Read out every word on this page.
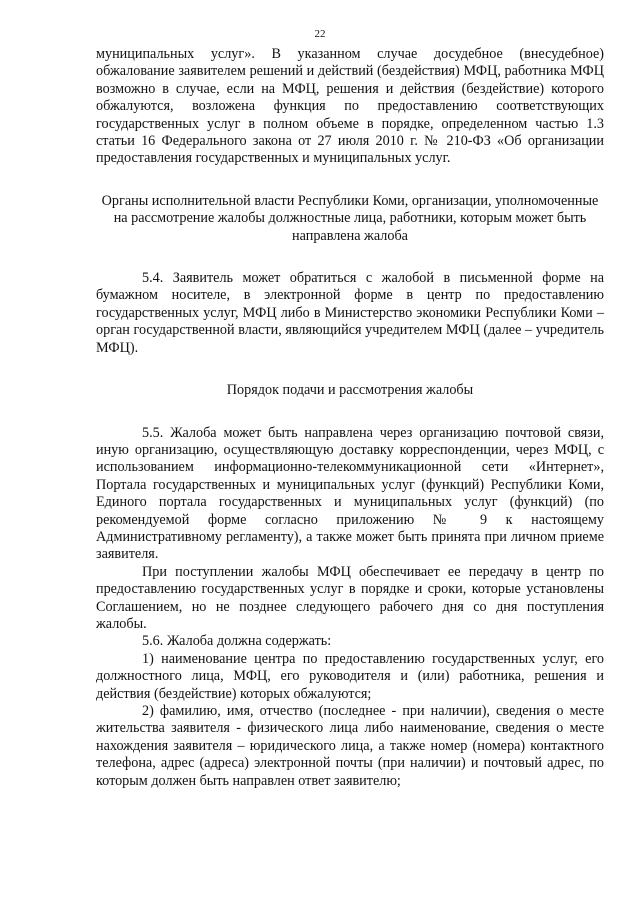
22

муниципальных услуг». В указанном случае досудебное (внесудебное) обжалование заявителем решений и действий (бездействия) МФЦ, работника МФЦ возможно в случае, если на МФЦ, решения и действия (бездействие) которого обжалуются, возложена функция по предоставлению соответствующих государственных услуг в полном объеме в порядке, определенном частью 1.3 статьи 16 Федерального закона от 27 июля 2010 г. № 210-ФЗ «Об организации предоставления государственных и муниципальных услуг.

Органы исполнительной власти Республики Коми, организации, уполномоченные на рассмотрение жалобы должностные лица, работники, которым может быть направлена жалоба

5.4. Заявитель может обратиться с жалобой в письменной форме на бумажном носителе, в электронной форме в центр по предоставлению государственных услуг, МФЦ либо в Министерство экономики Республики Коми – орган государственной власти, являющийся учредителем МФЦ (далее – учредитель МФЦ).

Порядок подачи и рассмотрения жалобы

5.5. Жалоба может быть направлена через организацию почтовой связи, иную организацию, осуществляющую доставку корреспонденции, через МФЦ, с использованием информационно-телекоммуникационной сети «Интернет», Портала государственных и муниципальных услуг (функций) Республики Коми, Единого портала государственных и муниципальных услуг (функций) (по рекомендуемой форме согласно приложению № 9 к настоящему Административному регламенту), а также может быть принята при личном приеме заявителя.

При поступлении жалобы МФЦ обеспечивает ее передачу в центр по предоставлению государственных услуг в порядке и сроки, которые установлены Соглашением, но не позднее следующего рабочего дня со дня поступления жалобы.

5.6. Жалоба должна содержать:

1) наименование центра по предоставлению государственных услуг, его должностного лица, МФЦ, его руководителя и (или) работника, решения и действия (бездействие) которых обжалуются;

2) фамилию, имя, отчество (последнее - при наличии), сведения о месте жительства заявителя - физического лица либо наименование, сведения о месте нахождения заявителя – юридического лица, а также номер (номера) контактного телефона, адрес (адреса) электронной почты (при наличии) и почтовый адрес, по которым должен быть направлен ответ заявителю;
